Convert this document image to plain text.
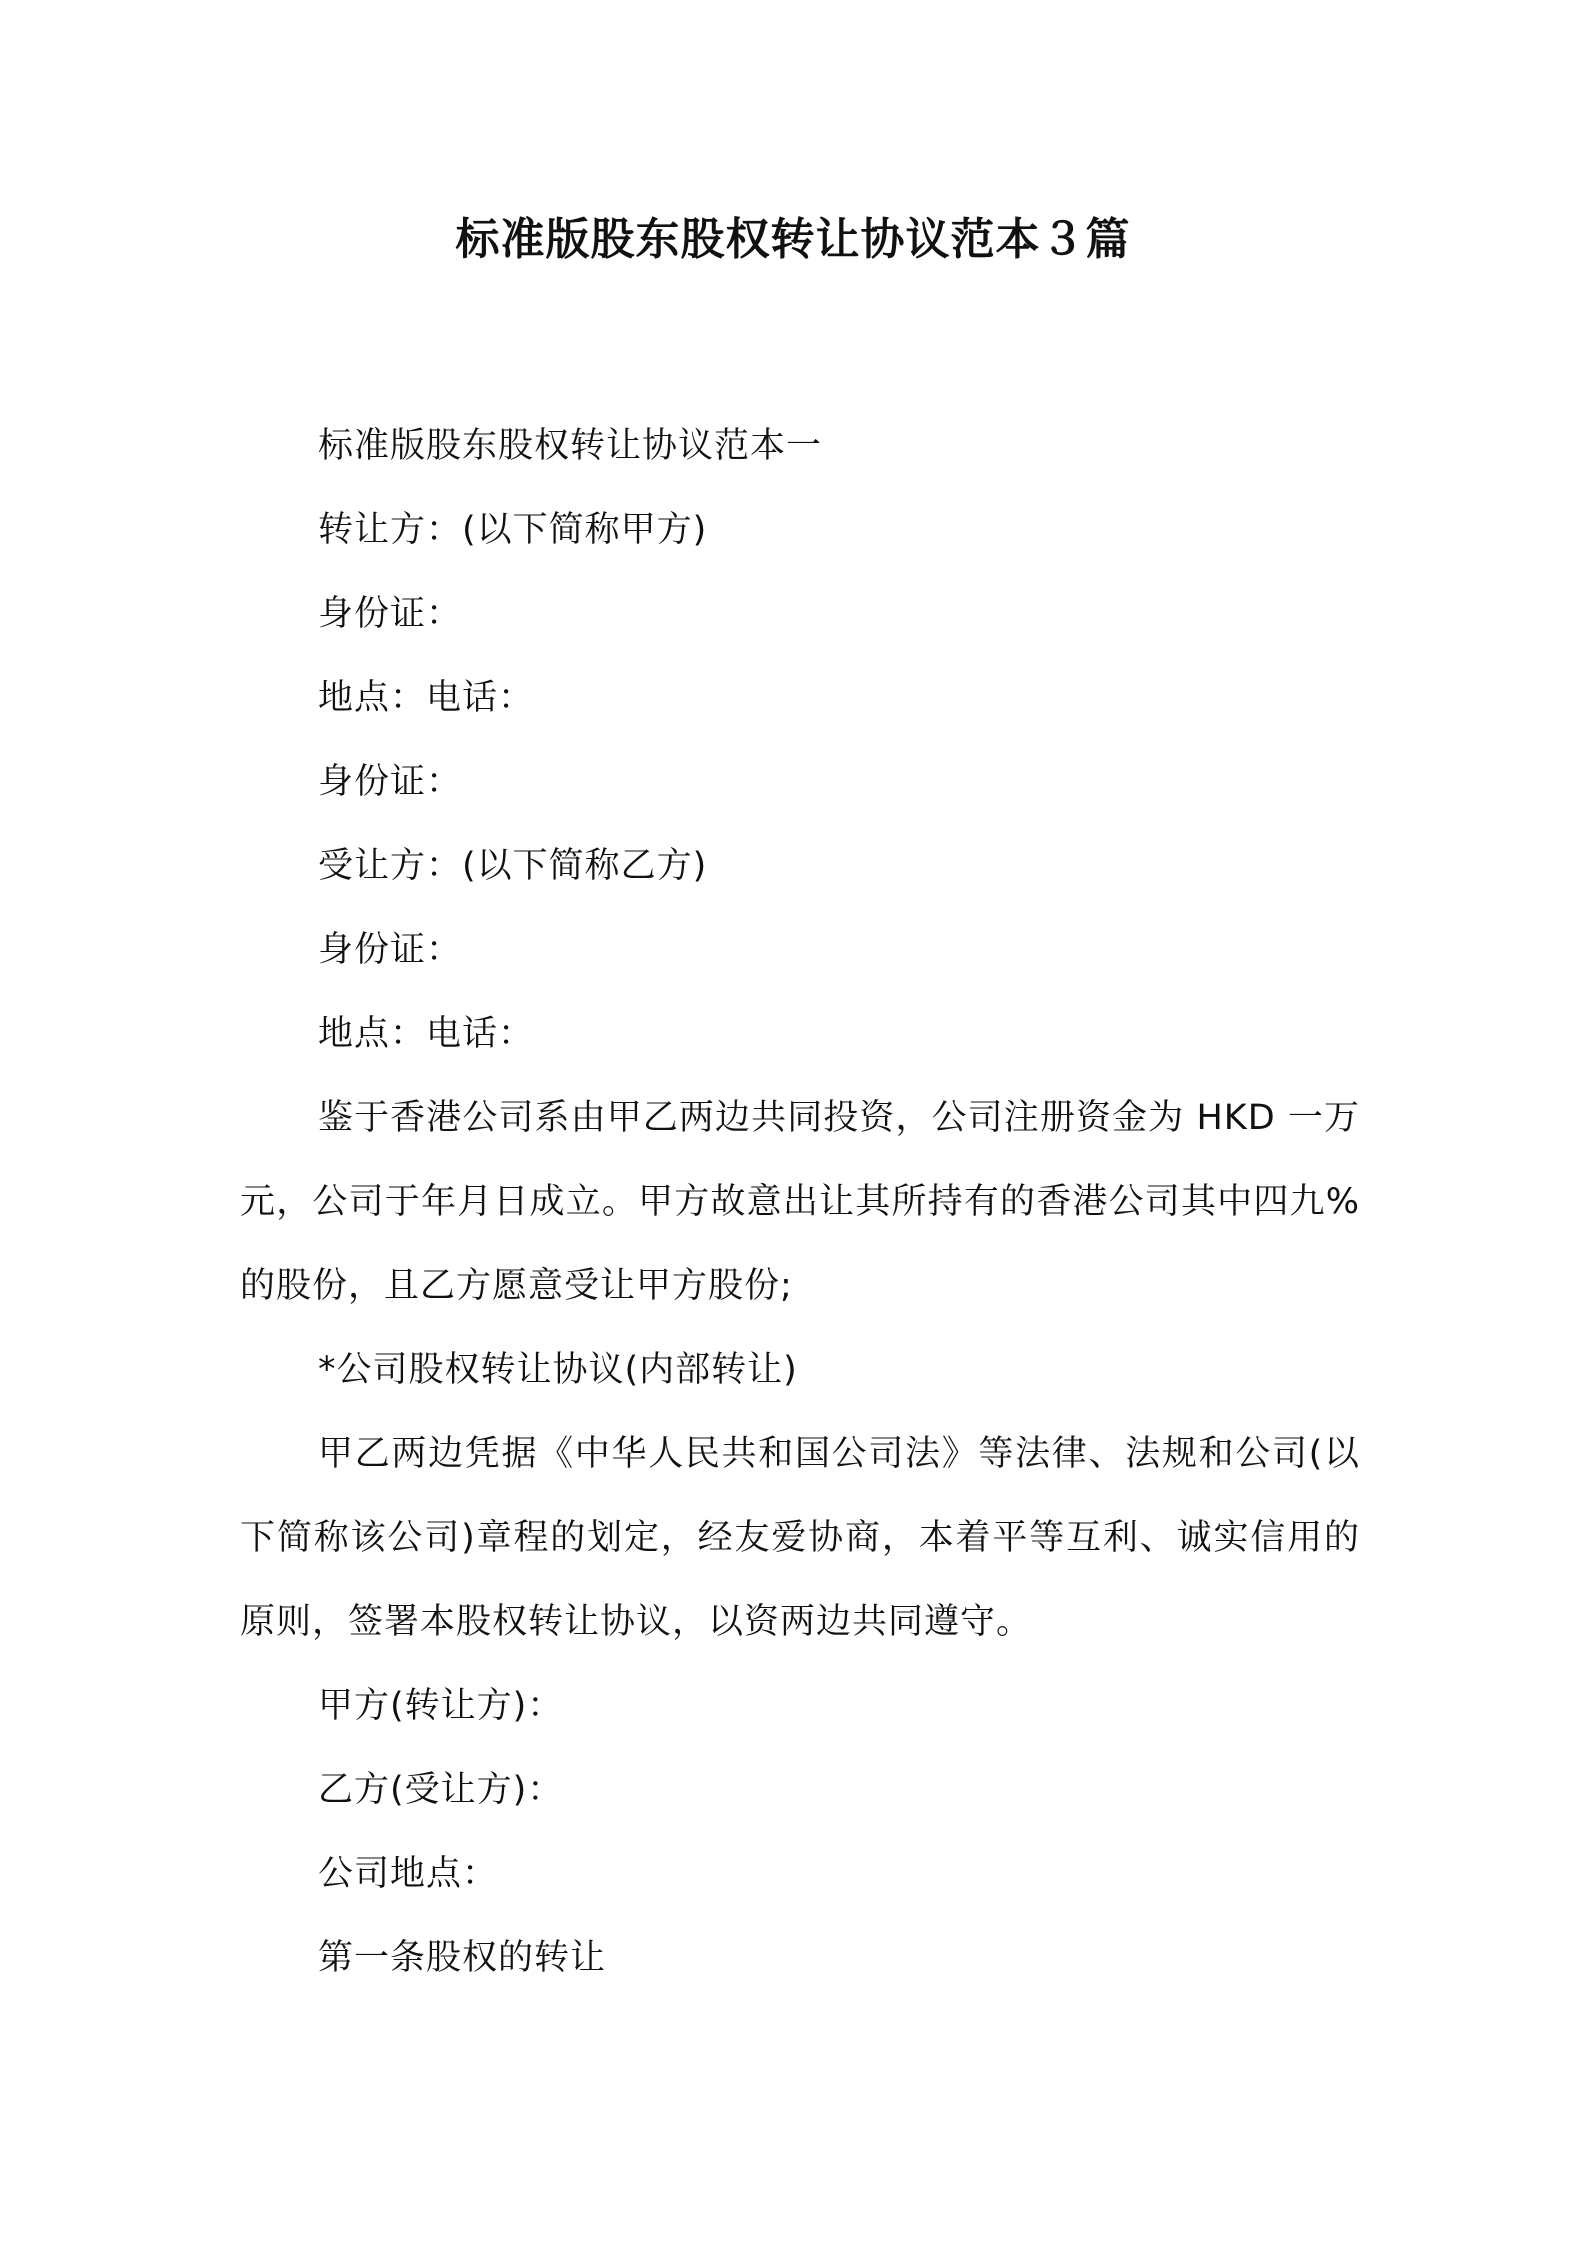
标准版股东股权转让协议范本３篇

标准版股东股权转让协议范本一

转让方：(以下简称甲方)

身份证：

地点：电话：

身份证：

受让方：(以下简称乙方)

身份证：

地点：电话：

鉴于香港公司系由甲乙两边共同投资，公司注册资金为 HKD 一万元，公司于年月日成立。甲方故意出让其所持有的香港公司其中四九%的股份，且乙方愿意受让甲方股份;

*公司股权转让协议(内部转让)

甲乙两边凭据《中华人民共和国公司法》等法律、法规和公司(以下简称该公司)章程的划定，经友爱协商，本着平等互利、诚实信用的原则，签署本股权转让协议，以资两边共同遵守。

甲方(转让方)：

乙方(受让方)：

公司地点：

第一条股权的转让
